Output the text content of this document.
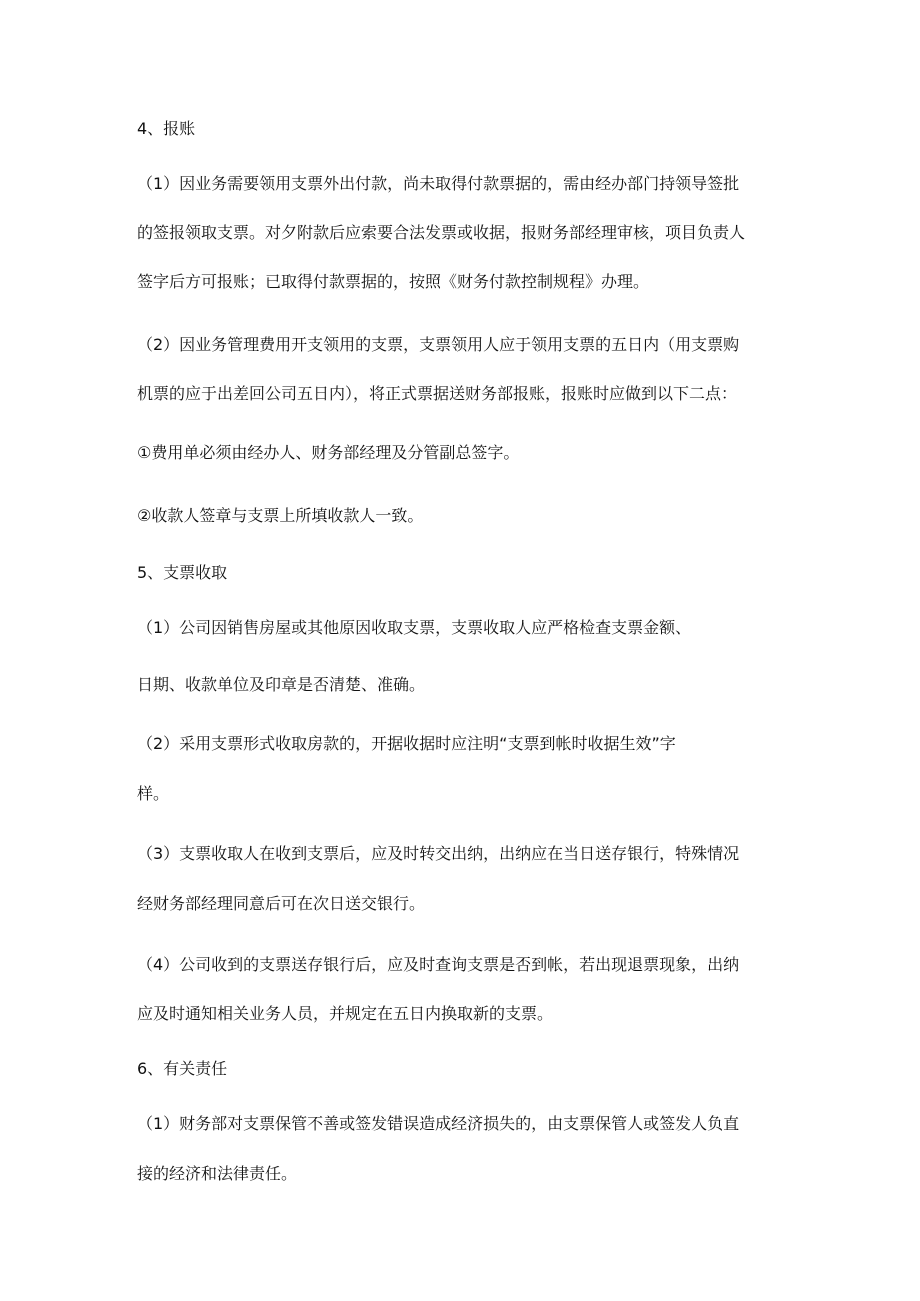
4、报账

（1）因业务需要领用支票外出付款，尚未取得付款票据的，需由经办部门持领导签批

的签报领取支票。对夕附款后应索要合法发票或收据，报财务部经理审核，项目负责人

签字后方可报账；已取得付款票据的，按照《财务付款控制规程》办理。

（2）因业务管理费用开支领用的支票，支票领用人应于领用支票的五日内（用支票购

机票的应于出差回公司五日内），将正式票据送财务部报账，报账时应做到以下二点：

①费用单必须由经办人、财务部经理及分管副总签字。

②收款人签章与支票上所填收款人一致。

5、支票收取

（1）公司因销售房屋或其他原因收取支票，支票收取人应严格检查支票金额、

日期、收款单位及印章是否清楚、准确。

（2）采用支票形式收取房款的，开据收据时应注明“支票到帐时收据生效”字

样。

（3）支票收取人在收到支票后，应及时转交出纳，出纳应在当日送存银行，特殊情况

经财务部经理同意后可在次日送交银行。

（4）公司收到的支票送存银行后，应及时查询支票是否到帐，若出现退票现象，出纳

应及时通知相关业务人员，并规定在五日内换取新的支票。

6、有关责任

（1）财务部对支票保管不善或签发错误造成经济损失的，由支票保管人或签发人负直

接的经济和法律责任。
